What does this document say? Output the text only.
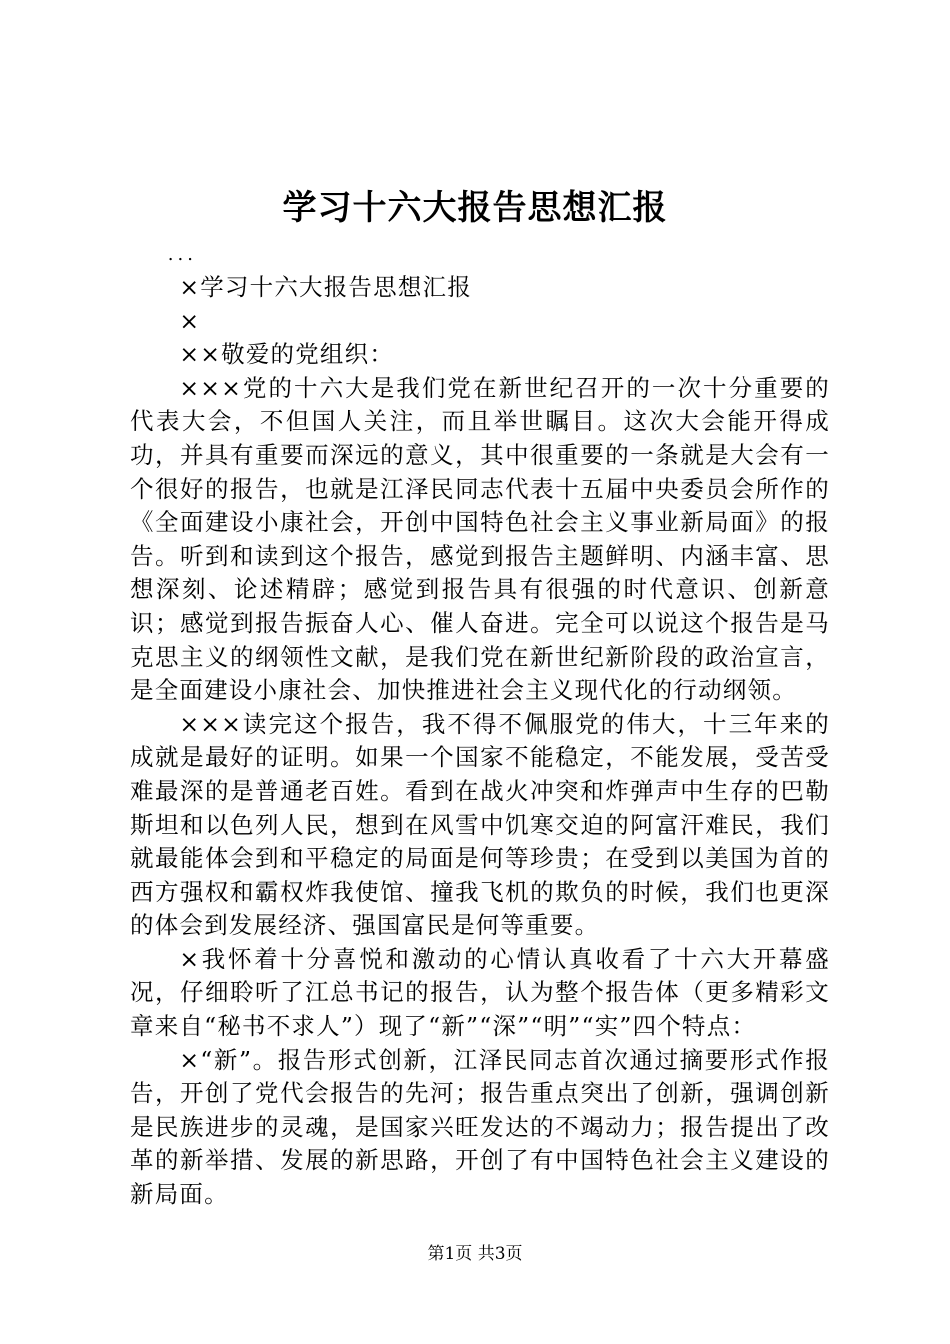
学习十六大报告思想汇报

...

×学习十六大报告思想汇报

×

××敬爱的党组织：

×××党的十六大是我们党在新世纪召开的一次十分重要的代表大会，不但国人关注，而且举世瞩目。这次大会能开得成功，并具有重要而深远的意义，其中很重要的一条就是大会有一个很好的报告，也就是江泽民同志代表十五届中央委员会所作的《全面建设小康社会，开创中国特色社会主义事业新局面》的报告。听到和读到这个报告，感觉到报告主题鲜明、内涵丰富、思想深刻、论述精辟；感觉到报告具有很强的时代意识、创新意识；感觉到报告振奋人心、催人奋进。完全可以说这个报告是马克思主义的纲领性文献，是我们党在新世纪新阶段的政治宣言，是全面建设小康社会、加快推进社会主义现代化的行动纲领。

×××读完这个报告，我不得不佩服党的伟大，十三年来的成就是最好的证明。如果一个国家不能稳定，不能发展，受苦受难最深的是普通老百姓。看到在战火冲突和炸弹声中生存的巴勒斯坦和以色列人民，想到在风雪中饥寒交迫的阿富汗难民，我们就最能体会到和平稳定的局面是何等珍贵；在受到以美国为首的西方强权和霸权炸我使馆、撞我飞机的欺负的时候，我们也更深的体会到发展经济、强国富民是何等重要。

×我怀着十分喜悦和激动的心情认真收看了十六大开幕盛况，仔细聆听了江总书记的报告，认为整个报告体（更多精彩文章来自“秘书不求人”）现了“新”“深”“明”“实”四个特点：

×“新”。报告形式创新，江泽民同志首次通过摘要形式作报告，开创了党代会报告的先河；报告重点突出了创新，强调创新是民族进步的灵魂，是国家兴旺发达的不竭动力；报告提出了改革的新举措、发展的新思路，开创了有中国特色社会主义建设的新局面。

第1页 共3页
